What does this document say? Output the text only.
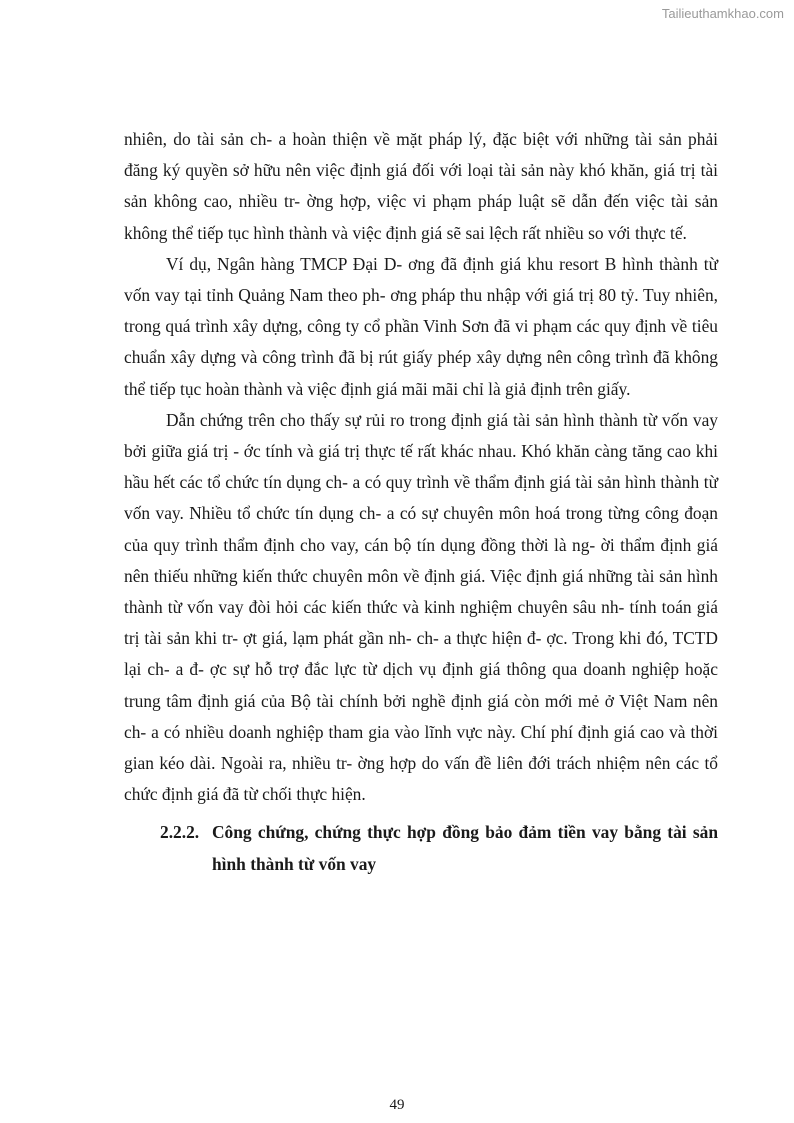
Tailieuthamkhao.com

nhiên, do tài sản ch- a hoàn thiện về mặt pháp lý, đặc biệt với những tài sản phải đăng ký quyền sở hữu nên việc định giá đối với loại tài sản này khó khăn, giá trị tài sản không cao, nhiều tr- ờng hợp, việc vi phạm pháp luật sẽ dẫn đến việc tài sản không thể tiếp tục hình thành và việc định giá sẽ sai lệch rất nhiều so với thực tế.

Ví dụ, Ngân hàng TMCP Đại D- ơng đã định giá khu resort B hình thành từ vốn vay tại tỉnh Quảng Nam theo ph- ơng pháp thu nhập với giá trị 80 tỷ. Tuy nhiên, trong quá trình xây dựng, công ty cổ phần Vinh Sơn đã vi phạm các quy định về tiêu chuẩn xây dựng và công trình đã bị rút giấy phép xây dựng nên công trình đã không thể tiếp tục hoàn thành và việc định giá mãi mãi chỉ là giả định trên giấy.

Dẫn chứng trên cho thấy sự rủi ro trong định giá tài sản hình thành từ vốn vay bởi giữa giá trị - ớc tính và giá trị thực tế rất khác nhau. Khó khăn càng tăng cao khi hầu hết các tổ chức tín dụng ch- a có quy trình về thẩm định giá tài sản hình thành từ vốn vay. Nhiều tổ chức tín dụng ch- a có sự chuyên môn hoá trong từng công đoạn của quy trình thẩm định cho vay, cán bộ tín dụng đồng thời là ng- ời thẩm định giá nên thiếu những kiến thức chuyên môn về định giá. Việc định giá những tài sản hình thành từ vốn vay đòi hỏi các kiến thức và kinh nghiệm chuyên sâu nh- tính toán giá trị tài sản khi tr- ợt giá, lạm phát gần nh- ch- a thực hiện đ- ợc. Trong khi đó, TCTD lại ch- a đ- ợc sự hỗ trợ đắc lực từ dịch vụ định giá thông qua doanh nghiệp hoặc trung tâm định giá của Bộ tài chính bởi nghề định giá còn mới mẻ ở Việt Nam nên ch- a có nhiều doanh nghiệp tham gia vào lĩnh vực này. Chí phí định giá cao và thời gian kéo dài. Ngoài ra, nhiều tr- ờng hợp do vấn đề liên đới trách nhiệm nên các tổ chức định giá đã từ chối thực hiện.

2.2.2. Công chứng, chứng thực hợp đồng bảo đảm tiền vay bằng tài sản hình thành từ vốn vay
49
